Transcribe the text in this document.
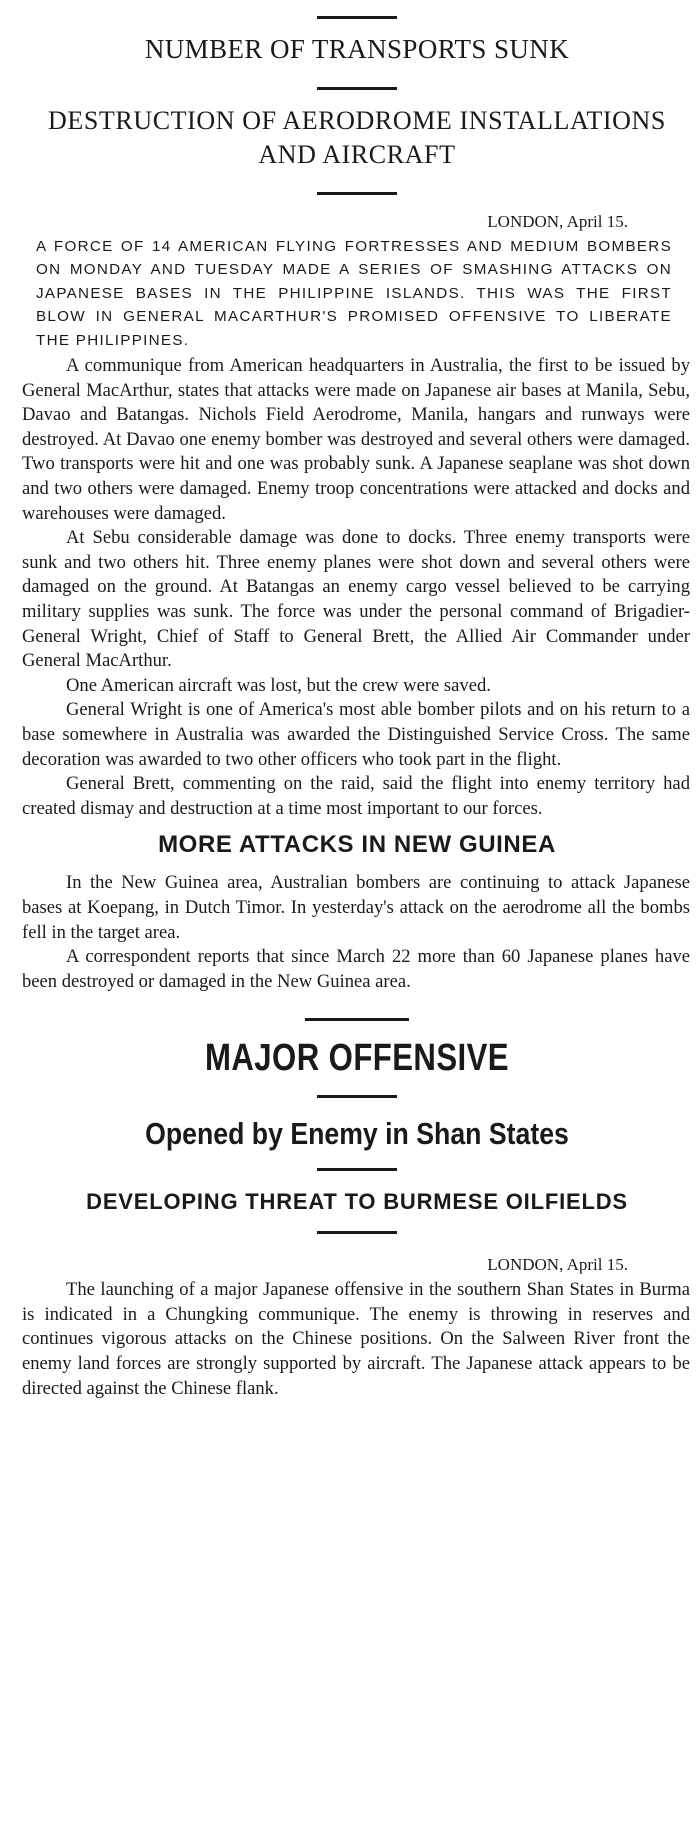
NUMBER OF TRANSPORTS SUNK

DESTRUCTION OF AERODROME INSTALLATIONS

AND AIRCRAFT

LONDON, April 15.

A FORCE OF 14 AMERICAN FLYING FORTRESSES AND MEDIUM BOMBERS ON MONDAY AND TUESDAY MADE A SERIES OF SMASHING ATTACKS ON JAPANESE BASES IN THE PHILIPPINE ISLANDS. THIS WAS THE FIRST BLOW IN GENERAL MACARTHUR'S PROMISED OFFENSIVE TO LIBERATE THE PHILIPPINES.

A communique from American headquarters in Australia, the first to be issued by General MacArthur, states that attacks were made on Japanese air bases at Manila, Sebu, Davao and Batangas. Nichols Field Aerodrome, Manila, hangars and runways were destroyed. At Davao one enemy bomber was destroyed and several others were damaged. Two transports were hit and one was probably sunk. A Japanese seaplane was shot down and two others were damaged. Enemy troop concentrations were attacked and docks and warehouses were damaged.

At Sebu considerable damage was done to docks. Three enemy transports were sunk and two others hit. Three enemy planes were shot down and several others were damaged on the ground. At Batangas an enemy cargo vessel believed to be carrying military supplies was sunk. The force was under the personal command of Brigadier-General Wright, Chief of Staff to General Brett, the Allied Air Commander under General MacArthur.

One American aircraft was lost, but the crew were saved.

General Wright is one of America's most able bomber pilots and on his return to a base somewhere in Australia was awarded the Distinguished Service Cross. The same decoration was awarded to two other officers who took part in the flight.

General Brett, commenting on the raid, said the flight into enemy territory had created dismay and destruction at a time most important to our forces.

MORE ATTACKS IN NEW GUINEA

In the New Guinea area, Australian bombers are continuing to attack Japanese bases at Koepang, in Dutch Timor. In yesterday's attack on the aerodrome all the bombs fell in the target area.

A correspondent reports that since March 22 more than 60 Japanese planes have been destroyed or damaged in the New Guinea area.

MAJOR OFFENSIVE
Opened by Enemy in Shan States
DEVELOPING THREAT TO BURMESE OILFIELDS

LONDON, April 15.

The launching of a major Japanese offensive in the southern Shan States in Burma is indicated in a Chungking communique. The enemy is throwing in reserves and continues vigorous attacks on the Chinese positions. On the Salween River front the enemy land forces are strongly supported by aircraft. The Japanese attack appears to be directed against the Chinese flank.
